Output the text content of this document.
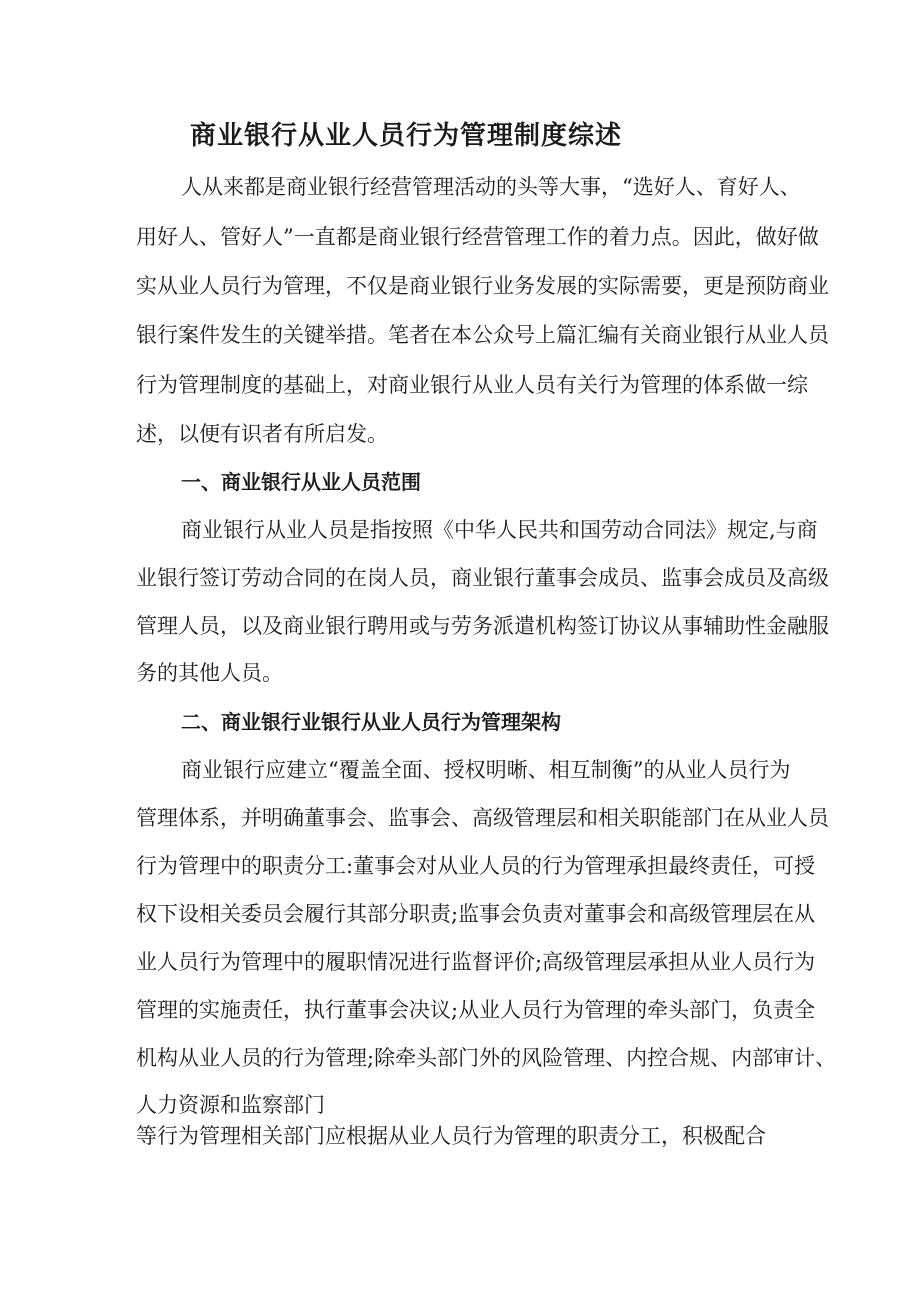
商业银行从业人员行为管理制度综述

人从来都是商业银行经营管理活动的头等大事，“选好人、育好人、

用好人、管好人”一直都是商业银行经营管理工作的着力点。因此，做好做

实从业人员行为管理，不仅是商业银行业务发展的实际需要，更是预防商业

银行案件发生的关键举措。笔者在本公众号上篇汇编有关商业银行从业人员

行为管理制度的基础上，对商业银行从业人员有关行为管理的体系做一综

述，以便有识者有所启发。

一、商业银行从业人员范围

商业银行从业人员是指按照《中华人民共和国劳动合同法》规定,与商

业银行签订劳动合同的在岗人员，商业银行董事会成员、监事会成员及高级

管理人员，以及商业银行聘用或与劳务派遣机构签订协议从事辅助性金融服

务的其他人员。

二、商业银行业银行从业人员行为管理架构

商业银行应建立“覆盖全面、授权明晰、相互制衡”的从业人员行为

管理体系，并明确董事会、监事会、高级管理层和相关职能部门在从业人员

行为管理中的职责分工:董事会对从业人员的行为管理承担最终责任，可授

权下设相关委员会履行其部分职责;监事会负责对董事会和高级管理层在从

业人员行为管理中的履职情况进行监督评价;高级管理层承担从业人员行为

管理的实施责任，执行董事会决议;从业人员行为管理的牵头部门，负责全

机构从业人员的行为管理;除牵头部门外的风险管理、内控合规、内部审计、

人力资源和监察部门

等行为管理相关部门应根据从业人员行为管理的职责分工，积极配合
